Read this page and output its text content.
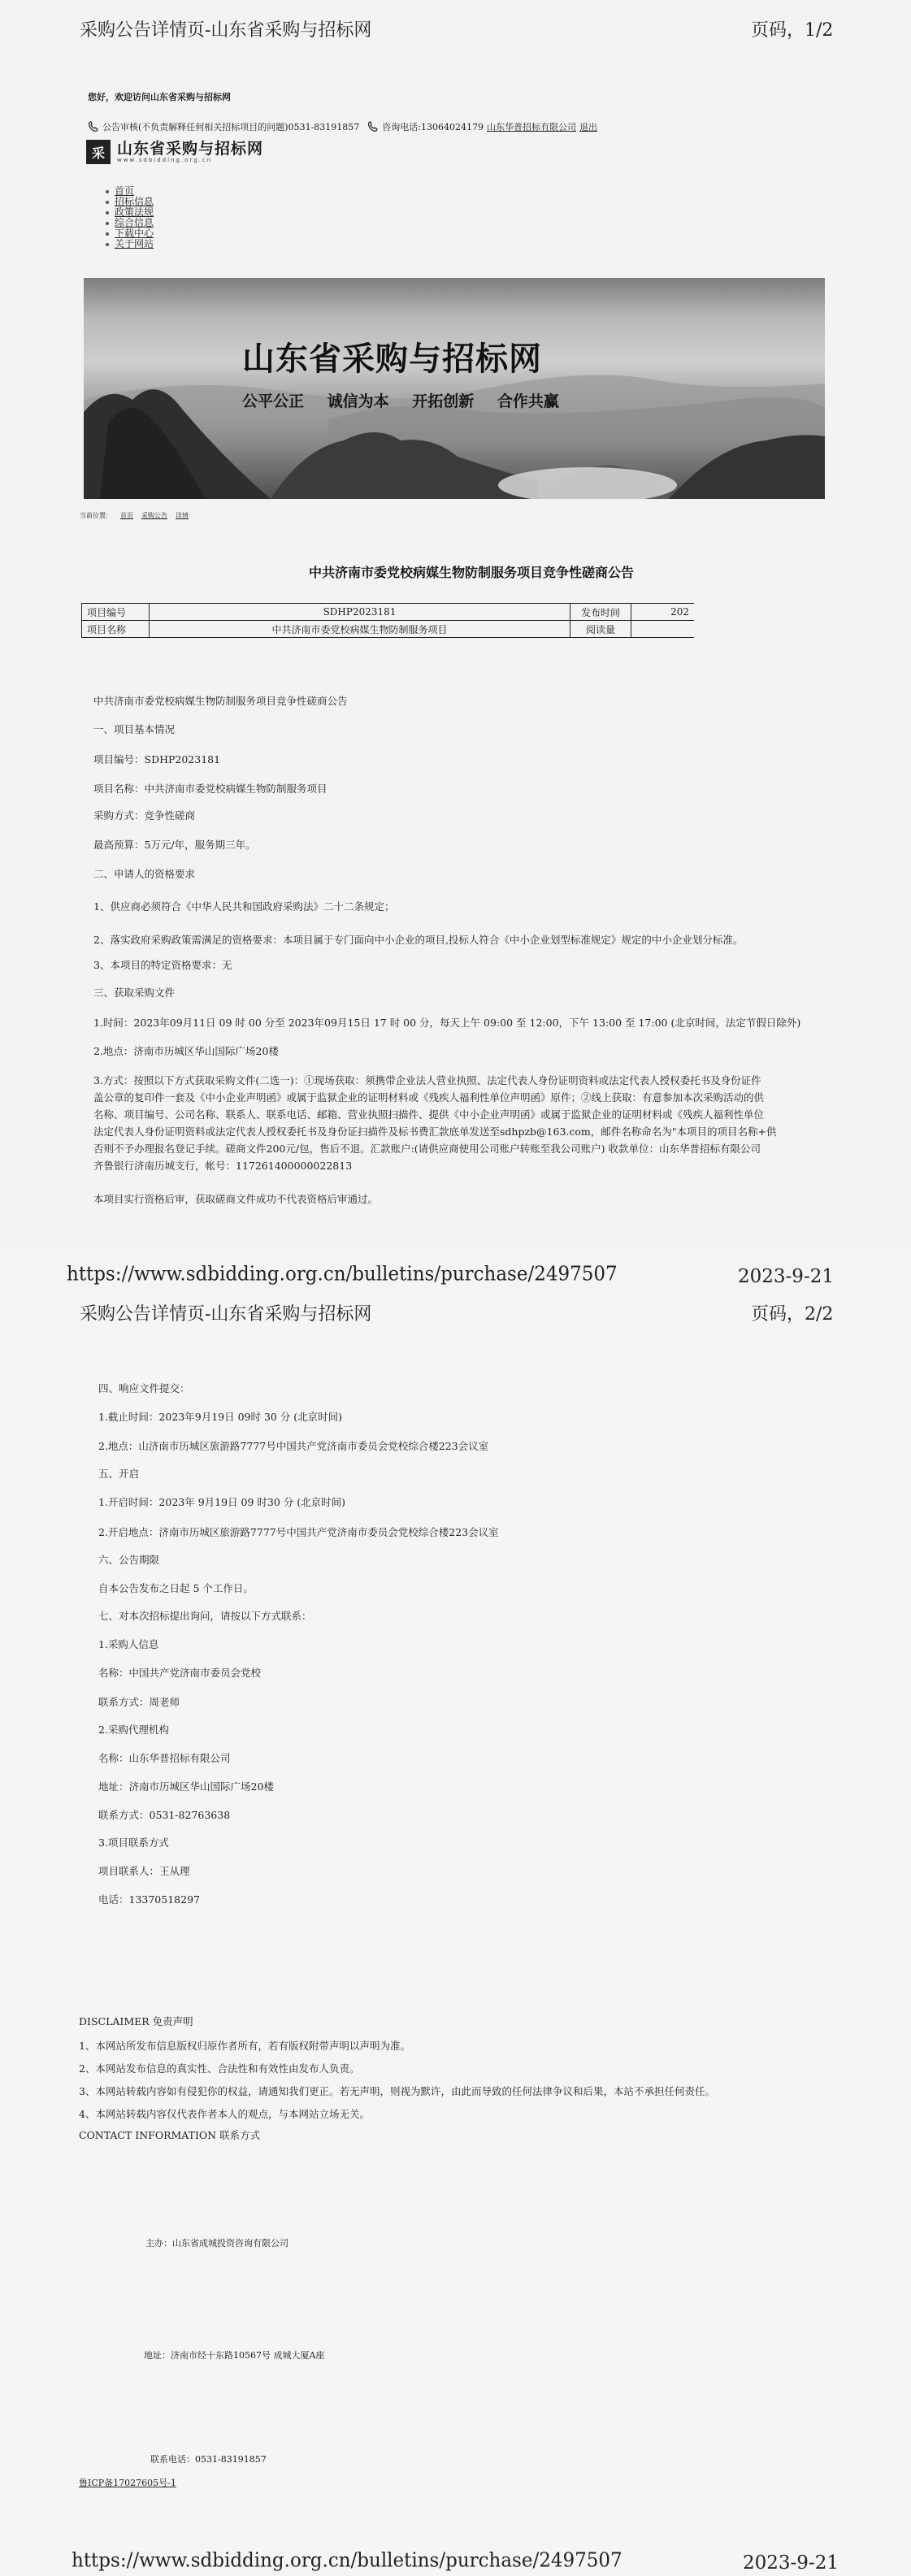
采购公告详情页-山东省采购与招标网	页码，1/2
您好，欢迎访问山东省采购与招标网
公告审核(不负责解释任何相关招标项目的问题)0531-83191857	咨询电话:13064024179 山东华普招标有限公司 退出
采 山东省采购与招标网
www.sdbidding.org.cn
首页
招标信息
政策法规
综合信息
下载中心
关于网站
山东省采购与招标网
公平公正 诚信为本 开拓创新 合作共赢
当前位置： 首页 采购公告 详情
中共济南市委党校病媒生物防制服务项目竞争性磋商公告
项目编号	SDHP2023181	发布时间	202
项目名称	中共济南市委党校病媒生物防制服务项目	阅读量	
中共济南市委党校病媒生物防制服务项目竞争性磋商公告
一、项目基本情况
项目编号：SDHP2023181
项目名称：中共济南市委党校病媒生物防制服务项目
采购方式：竞争性磋商
最高预算：5万元/年，服务期三年。
二、申请人的资格要求
1、供应商必须符合《中华人民共和国政府采购法》二十二条规定；
2、落实政府采购政策需满足的资格要求：本项目属于专门面向中小企业的项目,投标人符合《中小企业划型标准规定》规定的中小企业划分标准。
3、本项目的特定资格要求：无
三、获取采购文件
1.时间：2023年09月11日 09 时 00 分至 2023年09月15日 17 时 00 分，每天上午 09:00 至 12:00，下午 13:00 至 17:00 (北京时间，法定节假日除外)
2.地点：济南市历城区华山国际广场20楼
3.方式：按照以下方式获取采购文件(二选一)：①现场获取：须携带企业法人营业执照、法定代表人身份证明资料或法定代表人授权委托书及身份证件
盖公章的复印件一套及《中小企业声明函》或属于监狱企业的证明材料或《残疾人福利性单位声明函》原件；②线上获取：有意参加本次采购活动的供
名称、项目编号、公司名称、联系人、联系电话、邮箱、营业执照扫描件、提供《中小企业声明函》或属于监狱企业的证明材料或《残疾人福利性单位
法定代表人身份证明资料或法定代表人授权委托书及身份证扫描件及标书费汇款底单发送至sdhpzb@163.com，邮件名称命名为"本项目的项目名称+供
否则不予办理报名登记手续。磋商文件200元/包，售后不退。汇款账户:(请供应商使用公司账户转账至我公司账户) 收款单位：山东华普招标有限公司
齐鲁银行济南历城支行，帐号：117261400000022813
本项目实行资格后审，获取磋商文件成功不代表资格后审通过。
https://www.sdbidding.org.cn/bulletins/purchase/2497507	2023-9-21
采购公告详情页-山东省采购与招标网	页码，2/2
四、响应文件提交：
1.截止时间：2023年9月19日 09时 30 分 (北京时间)
2.地点：山济南市历城区旅游路7777号中国共产党济南市委员会党校综合楼223会议室
五、开启
1.开启时间：2023年 9月19日 09 时30 分 (北京时间)
2.开启地点：济南市历城区旅游路7777号中国共产党济南市委员会党校综合楼223会议室
六、公告期限
自本公告发布之日起 5 个工作日。
七、对本次招标提出询问，请按以下方式联系：
1.采购人信息
名称：中国共产党济南市委员会党校
联系方式：周老师
2.采购代理机构
名称：山东华普招标有限公司
地址：济南市历城区华山国际广场20楼
联系方式：0531-82763638
3.项目联系方式
项目联系人：王从理
电话：13370518297
DISCLAIMER 免责声明
1、本网站所发布信息版权归原作者所有，若有版权附带声明以声明为准。
2、本网站发布信息的真实性、合法性和有效性由发布人负责。
3、本网站转载内容如有侵犯你的权益，请通知我们更正。若无声明，则视为默许，由此而导致的任何法律争议和后果，本站不承担任何责任。
4、本网站转载内容仅代表作者本人的观点，与本网站立场无关。
CONTACT INFORMATION 联系方式
主办：山东省成城投资咨询有限公司
地址：济南市经十东路10567号 成城大厦A座
联系电话：0531-83191857
鲁ICP备17027605号-1
https://www.sdbidding.org.cn/bulletins/purchase/2497507	2023-9-21
